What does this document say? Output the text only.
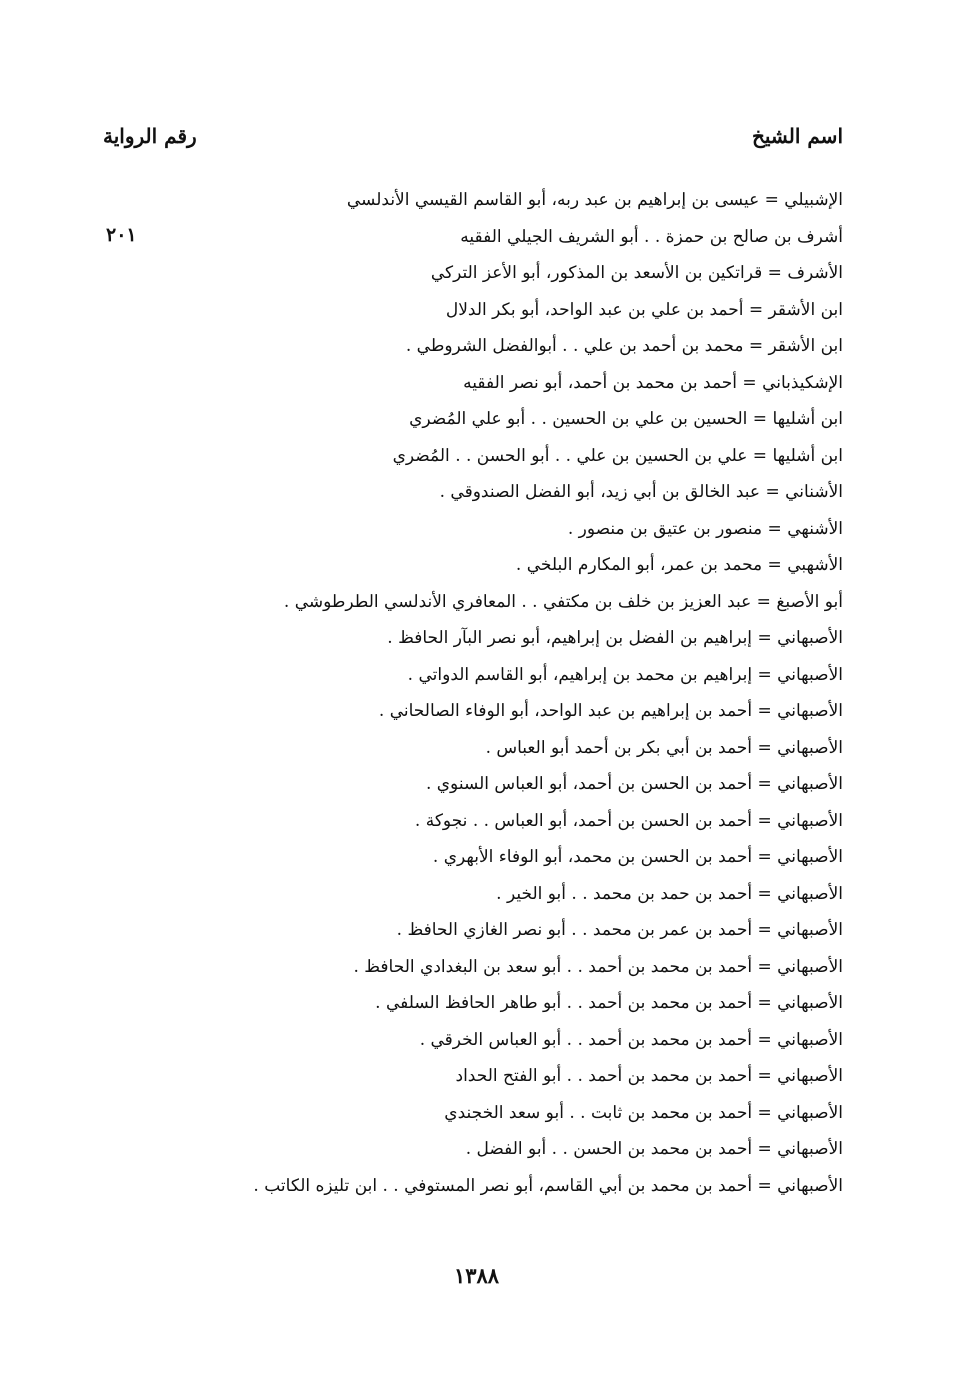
اسم الشيخ
رقم الرواية
٢٠١
الإشبيلي = عيسى بن إبراهيم بن عبد ربه، أبو القاسم القيسي الأندلسي
أشرف بن صالح بن حمزة . . أبو الشريف الجيلي الفقيه
الأشرف = قراتكين بن الأسعد بن المذكور، أبو الأعز التركي
ابن الأشقر = أحمد بن علي بن عبد الواحد، أبو بكر الدلال
ابن الأشقر = محمد بن أحمد بن علي . . أبوالفضل الشروطي .
الإشكيذباني = أحمد بن محمد بن أحمد، أبو نصر الفقيه
ابن أشليها = الحسين بن علي بن الحسين . . أبو علي المُضري
ابن أشليها = علي بن الحسين بن علي . . أبو الحسن . . المُضري
الأشناني = عبد الخالق بن أبي زيد، أبو الفضل الصندوقي .
الأشنهي = منصور بن عتيق بن منصور .
الأشهبي = محمد بن عمر، أبو المكارم البلخي .
أبو الأصبغ = عبد العزيز بن خلف بن مكتفي . . المعافري الأندلسي الطرطوشي .
الأصبهاني = إبراهيم بن الفضل بن إبراهيم، أبو نصر البآر الحافظ .
الأصبهاني = إبراهيم بن محمد بن إبراهيم، أبو القاسم الدواتي .
الأصبهاني = أحمد بن إبراهيم بن عبد الواحد، أبو الوفاء الصالحاني .
الأصبهاني = أحمد بن أبي بكر بن أحمد أبو العباس .
الأصبهاني = أحمد بن الحسن بن أحمد، أبو العباس السنوي .
الأصبهاني = أحمد بن الحسن بن أحمد، أبو العباس . . نجوكة .
الأصبهاني = أحمد بن الحسن بن محمد، أبو الوفاء الأبهري .
الأصبهاني = أحمد بن حمد بن محمد . . أبو الخير .
الأصبهاني = أحمد بن عمر بن محمد . . أبو نصر الغازي الحافظ .
الأصبهاني = أحمد بن محمد بن أحمد . . أبو سعد بن البغدادي الحافظ .
الأصبهاني = أحمد بن محمد بن أحمد . . أبو طاهر الحافظ السلفي .
الأصبهاني = أحمد بن محمد بن أحمد . . أبو العباس الخرقي .
الأصبهاني = أحمد بن محمد بن أحمد . . أبو الفتح الحداد
الأصبهاني = أحمد بن محمد بن ثابت . . أبو سعد الخجندي
الأصبهاني = أحمد بن محمد بن الحسن . . أبو الفضل .
الأصبهاني = أحمد بن محمد بن أبي القاسم، أبو نصر المستوفي . . ابن تليزه الكاتب .
١٣٨٨
